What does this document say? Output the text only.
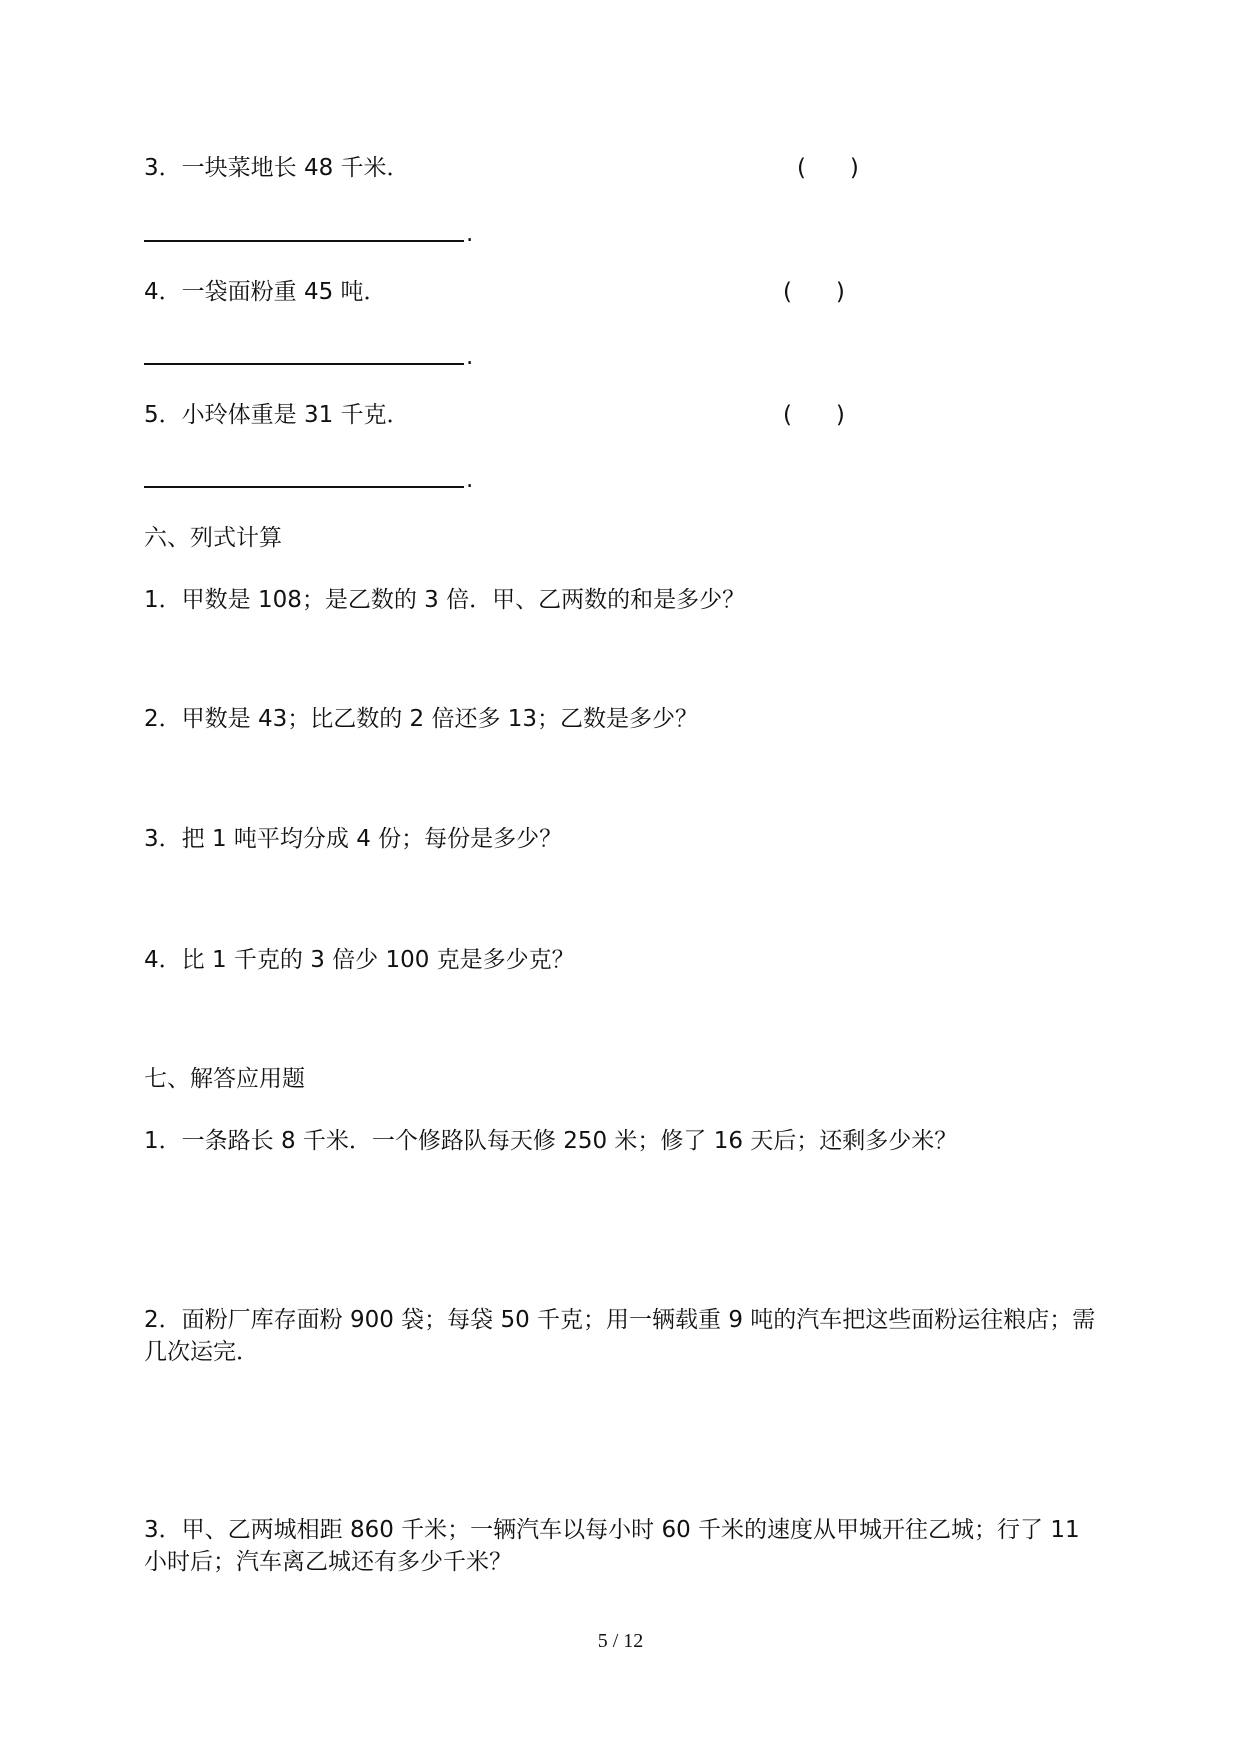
3．一块菜地长 48 千米．	(      )
.
4．一袋面粉重 45 吨．	(      )
.
5．小玲体重是 31 千克．	(      )
.
六、列式计算
1．甲数是 108；是乙数的 3 倍．甲、乙两数的和是多少？
2．甲数是 43；比乙数的 2 倍还多 13；乙数是多少？
3．把 1 吨平均分成 4 份；每份是多少？
4．比 1 千克的 3 倍少 100 克是多少克？
七、解答应用题
1．一条路长 8 千米．一个修路队每天修 250 米；修了 16 天后；还剩多少米？
2．面粉厂库存面粉 900 袋；每袋 50 千克；用一辆载重 9 吨的汽车把这些面粉运往粮店；需几次运完．
3．甲、乙两城相距 860 千米；一辆汽车以每小时 60 千米的速度从甲城开往乙城；行了 11 小时后；汽车离乙城还有多少千米？
5 / 12
